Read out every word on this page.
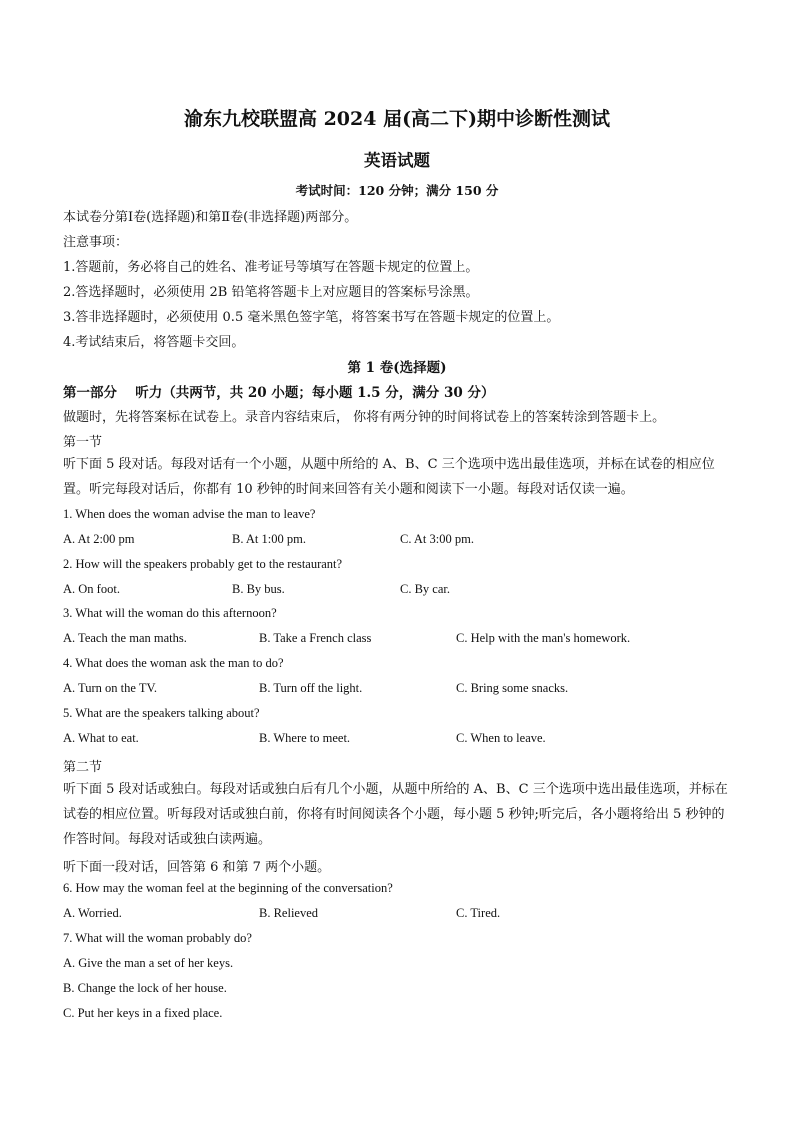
渝东九校联盟高 2024 届(高二下)期中诊断性测试
英语试题
考试时间：120 分钟；满分 150 分
本试卷分第Ⅰ卷(选择题)和第Ⅱ卷(非选择题)两部分。
注意事项：
1.答题前，务必将自己的姓名、准考证号等填写在答题卡规定的位置上。
2.答选择题时，必须使用 2B 铅笔将答题卡上对应题目的答案标号涂黑。
3.答非选择题时，必须使用 0.5 毫米黑色签字笔，将答案书写在答题卡规定的位置上。
4.考试结束后，将答题卡交回。
第 1 卷(选择题)
第一部分　 听力（共两节，共 20 小题；每小题 1.5 分，满分 30 分）
做题时，先将答案标在试卷上。录音内容结束后， 你将有两分钟的时间将试卷上的答案转涂到答题卡上。
第一节
听下面 5 段对话。每段对话有一个小题，从题中所给的 A、B、C 三个选项中选出最佳选项，并标在试卷的相应位置。听完每段对话后，你都有 10 秒钟的时间来回答有关小题和阅读下一小题。每段对话仅读一遍。
1. When does the woman advise the man to leave?
A. At 2:00 pm	B. At 1:00 pm.	C. At 3:00 pm.
2. How will the speakers probably get to the restaurant?
A. On foot.	B. By bus.	C. By car.
3. What will the woman do this afternoon?
A. Teach the man maths.	B. Take a French class	C. Help with the man's homework.
4. What does the woman ask the man to do?
A. Turn on the TV.	B. Turn off the light.	C. Bring some snacks.
5. What are the speakers talking about?
A. What to eat.	B. Where to meet.	C. When to leave.
第二节
听下面 5 段对话或独白。每段对话或独白后有几个小题，从题中所给的 A、B、C 三个选项中选出最佳选项，并标在试卷的相应位置。听每段对话或独白前，你将有时间阅读各个小题，每小题 5 秒钟;听完后，各小题将给出 5 秒钟的作答时间。每段对话或独白读两遍。
听下面一段对话，回答第 6 和第 7 两个小题。
6. How may the woman feel at the beginning of the conversation?
A. Worried.	B. Relieved	C. Tired.
7. What will the woman probably do?
A. Give the man a set of her keys.
B. Change the lock of her house.
C. Put her keys in a fixed place.
